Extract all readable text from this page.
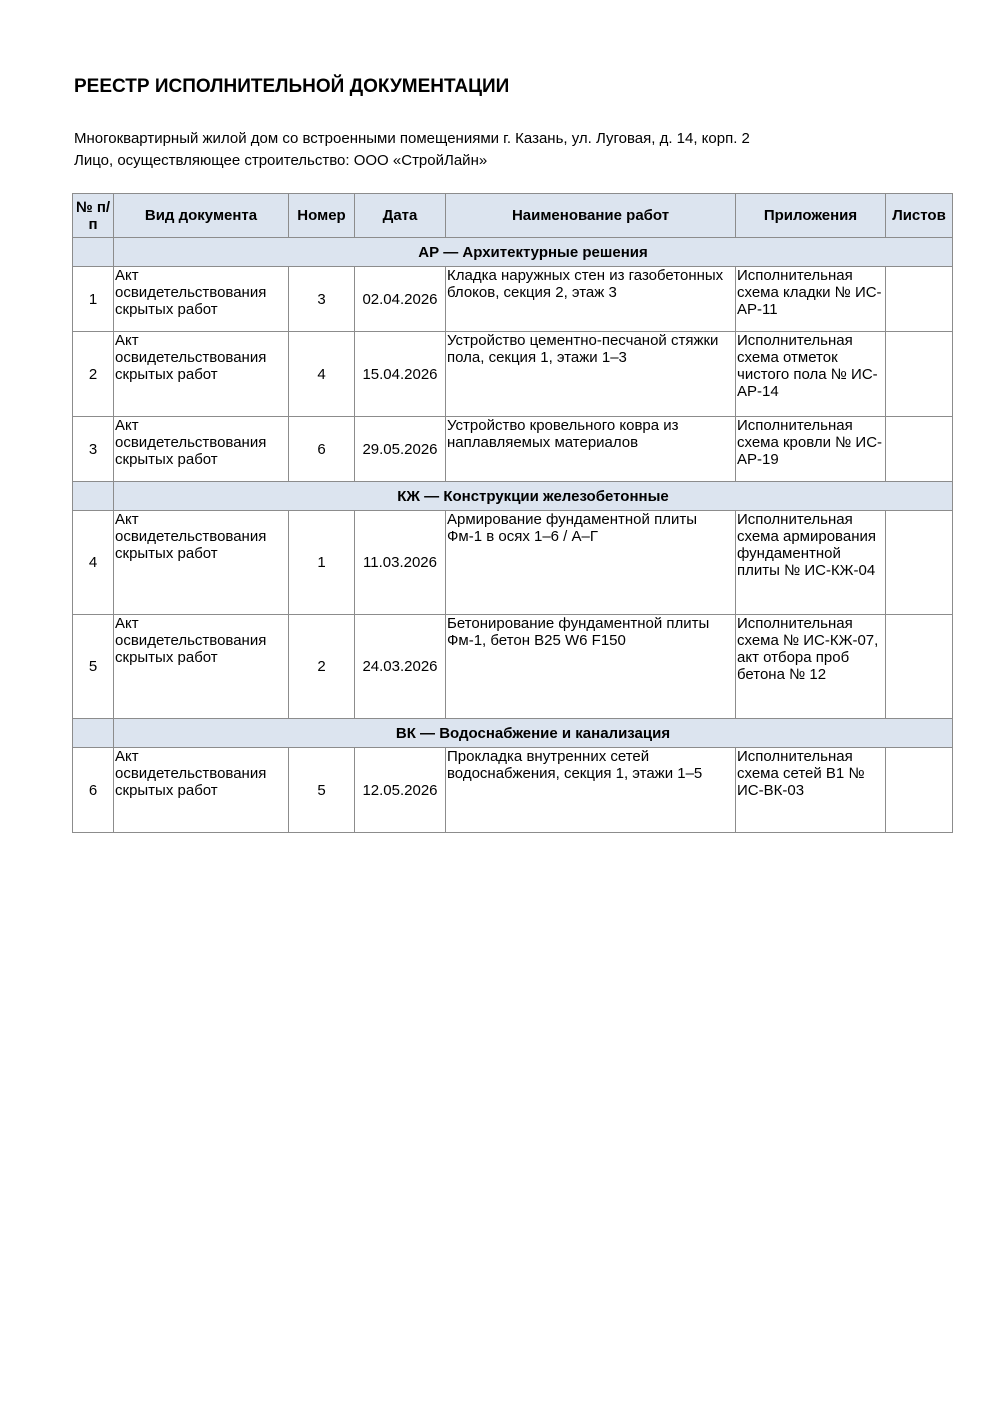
РЕЕСТР ИСПОЛНИТЕЛЬНОЙ ДОКУМЕНТАЦИИ
Многоквартирный жилой дом со встроенными помещениями г. Казань, ул. Луговая, д. 14, корп. 2
Лицо, осуществляющее строительство: ООО «СтройЛайн»
№ п/п	Вид документа	Номер	Дата	Наименование работ	Приложения	Листов
	АР — Архитектурные решения					
1	Акт освидетельствования скрытых работ	3	02.04.2026	Кладка наружных стен из газобетонных блоков, секция 2, этаж 3	Исполнительная схема кладки № ИС-АР-11	
2	Акт освидетельствования скрытых работ	4	15.04.2026	Устройство цементно-песчаной стяжки пола, секция 1, этажи 1–3	Исполнительная схема отметок чистого пола № ИС-АР-14	
3	Акт освидетельствования скрытых работ	6	29.05.2026	Устройство кровельного ковра из наплавляемых материалов	Исполнительная схема кровли № ИС-АР-19	
	КЖ — Конструкции железобетонные					
4	Акт освидетельствования скрытых работ	1	11.03.2026	Армирование фундаментной плиты Фм-1 в осях 1–6 / А–Г	Исполнительная схема армирования фундаментной плиты № ИС-КЖ-04	
5	Акт освидетельствования скрытых работ	2	24.03.2026	Бетонирование фундаментной плиты Фм-1, бетон B25 W6 F150	Исполнительная схема № ИС-КЖ-07, акт отбора проб бетона № 12	
	ВК — Водоснабжение и канализация					
6	Акт освидетельствования скрытых работ	5	12.05.2026	Прокладка внутренних сетей водоснабжения, секция 1, этажи 1–5	Исполнительная схема сетей В1 № ИС-ВК-03	
